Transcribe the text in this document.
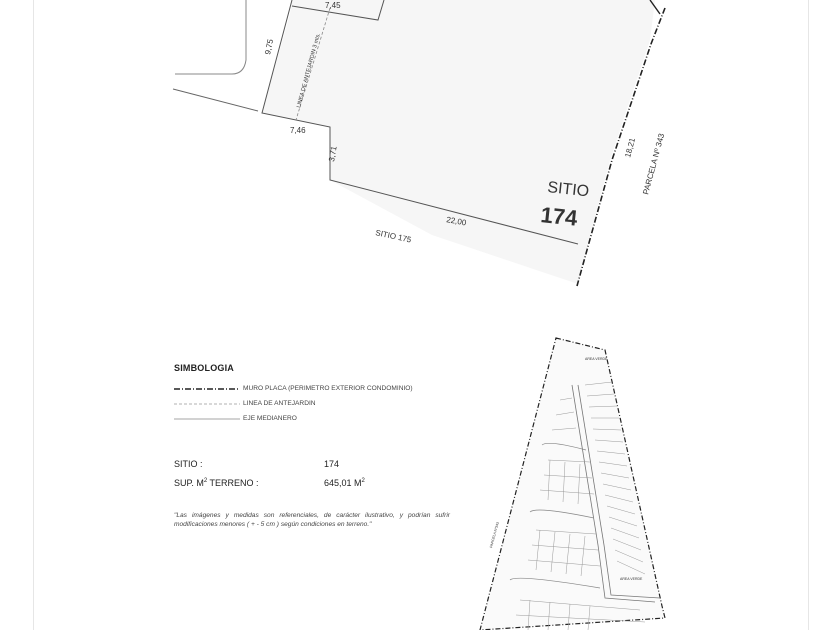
7,45
9,75	LINEA DE ANTEJARDIN 3 mts.
7,46
3,71
22,00
SITIO 175
18,21 PARCELA Nº 343
SITIO
174
AREA VERDE
AREA VERDE
PARCELA Nº343
SIMBOLOGIA
MURO PLACA (PERIMETRO EXTERIOR CONDOMINIO)
LINEA DE ANTEJARDIN
EJE MEDIANERO
SITIO :	174
SUP. $M^2$ TERRENO :	645,01 $M^2$
"Las imágenes y medidas son referenciales, de carácter ilustrativo, y podrían sufrir modificaciones menores ( + - 5 cm ) según condiciones en terreno."
